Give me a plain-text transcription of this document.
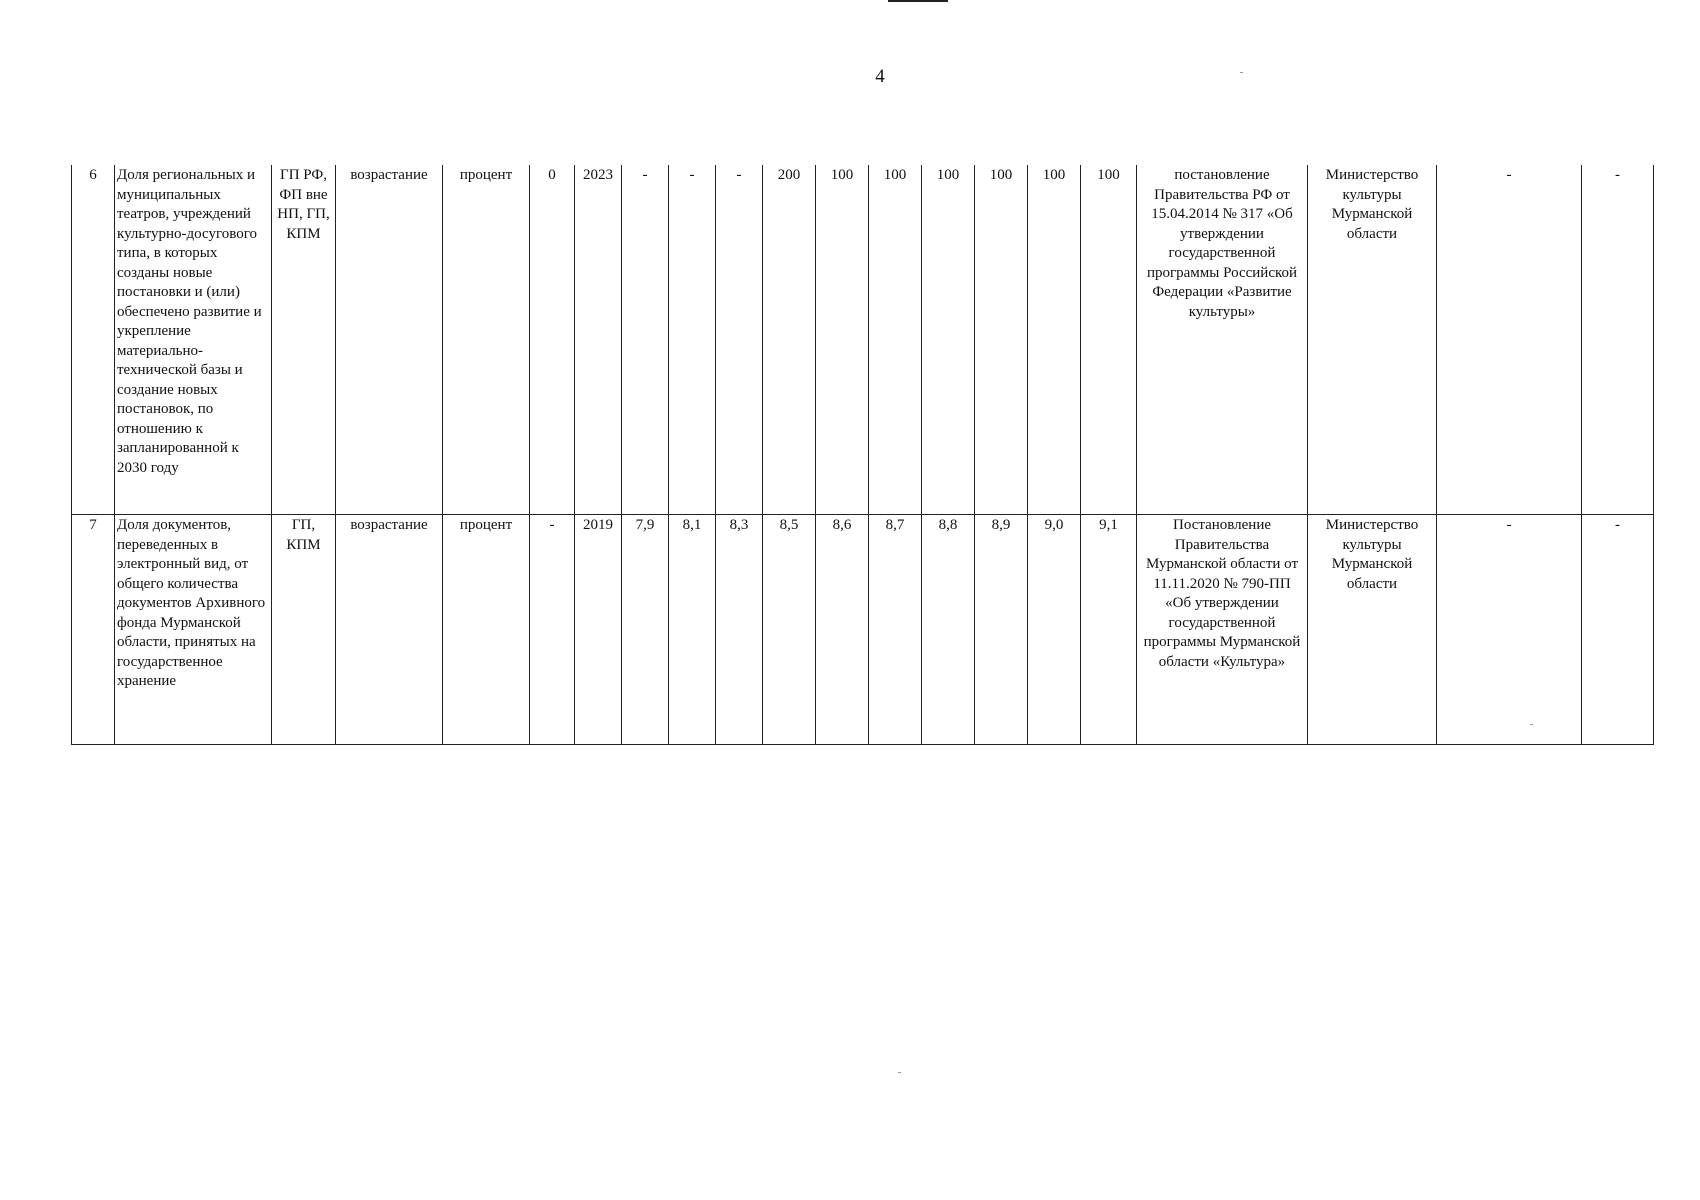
4
6	Доля региональных и муниципальных театров, учреждений культурно-досугового типа, в которых созданы новые постановки и (или) обеспечено развитие и укрепление материально-технической базы и создание новых постановок, по отношению к запланированной к 2030 году	ГП РФ, ФП вне НП, ГП, КПМ	возрастание	процент	0	2023	-	-	-	200	100	100	100	100	100	100	постановление Правительства РФ от 15.04.2014 № 317 «Об утверждении государственной программы Российской Федерации «Развитие культуры»	Министерство культуры Мурманской области	-	-
7	Доля документов, переведенных в электронный вид, от общего количества документов Архивного фонда Мурманской области, принятых на государственное хранение	ГП, КПМ	возрастание	процент	-	2019	7,9	8,1	8,3	8,5	8,6	8,7	8,8	8,9	9,0	9,1	Постановление Правительства Мурманской области от 11.11.2020 № 790-ПП «Об утверждении государственной программы Мурманской области «Культура»	Министерство культуры Мурманской области	-	-
